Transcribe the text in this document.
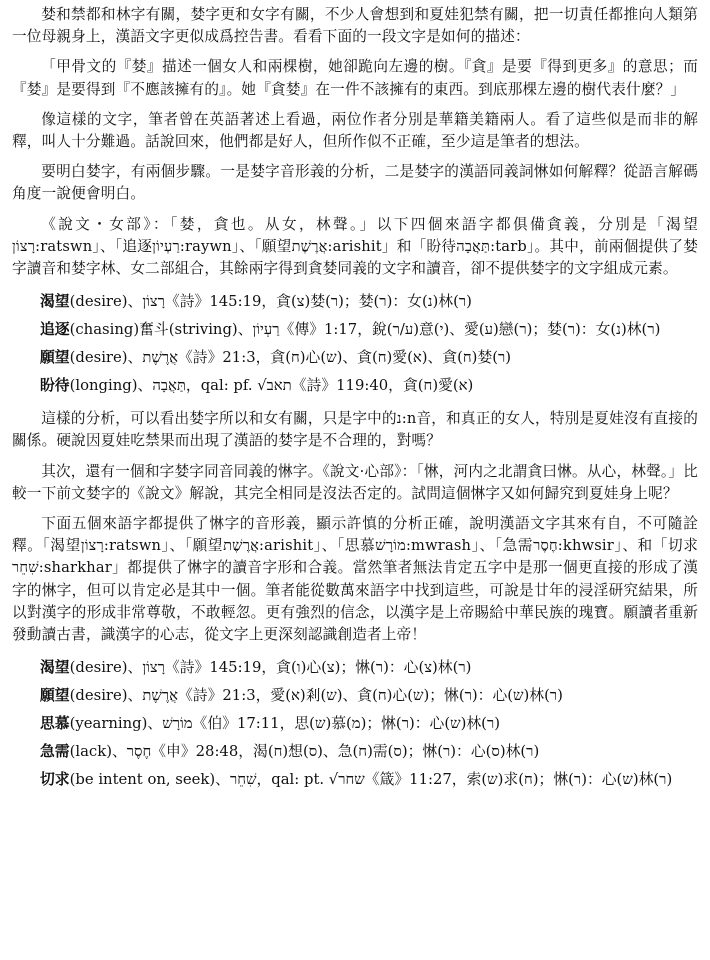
婪和禁都和林字有關，婪字更和女字有關，不少人會想到和夏娃犯禁有關，把一切責任都推向人類第一位母親身上，漢語文字更似成爲控告書。看看下面的一段文字是如何的描述：

「甲骨文的『婪』描述一個女人和兩棵樹，她卻跪向左邊的樹。『貪』是要『得到更多』的意思；而『婪』是要得到『不應該擁有的』。她『貪婪』在一件不該擁有的東西。到底那棵左邊的樹代表什麼？」

像這樣的文字，筆者曾在英語著述上看過，兩位作者分別是華籍美籍兩人。看了這些似是而非的解釋，叫人十分難過。話說回來，他們都是好人，但所作似不正確，至少這是筆者的想法。

要明白婪字，有兩個步驟。一是婪字音形義的分析，二是婪字的漢語同義詞惏如何解釋？從語言解碼角度一說便會明白。

《說文・女部》：「婪，貪也。从女，林聲。」以下四個來語字都俱備貪義，分別是「渴望רָצוֹן:ratswn」、「追逐רַעְיוֹן:raywn」、「願望אֲרֶשֶׁת:arishit」和「盼待תַּאֲבָה:tarb」。其中，前兩個提供了婪字讀音和婪字林、女二部組合，其餘兩字得到貪婪同義的文字和讀音，卻不提供婪字的文字組成元素。

渴望(desire)、רָצוֹן《詩》145:19，貪(צ)婪(ר)；婪(ר)：女(נ)林(ר)
追逐(chasing)奮斗(striving)、רַעְיוֹן《傳》1:17，銳(ע/ר)意(י)、愛(ע)戀(ר)；婪(ר)：女(נ)林(ר)
願望(desire)、אֲרֶשֶׁת《詩》21:3，貪(ח)心(ש)、貪(ח)愛(א)、貪(ח)婪(ר)
盼待(longing)、תַּאֲבָה，qal: pf. √תאב《詩》119:40，貪(ח)愛(א)

這樣的分析，可以看出婪字所以和女有關，只是字中的נ:n音，和真正的女人，特別是夏娃沒有直接的關係。硬說因夏娃吃禁果而出現了漢語的婪字是不合理的，對嗎？

其次，還有一個和字婪字同音同義的惏字。《說文·心部》：「惏，河内之北謂貪曰惏。从心，林聲。」比較一下前文婪字的《說文》解說，其完全相同是沒法否定的。試問這個惏字又如何歸究到夏娃身上呢？

下面五個來語字都提供了惏字的音形義，顯示許慎的分析正確，說明漢語文字其來有自，不可隨詮釋。「渴望רָצוֹן:ratswn」、「願望אֲרֶשֶׁת:arishit」、「思慕מוֹרָשׁ:mwrash」、「急需חֶסֶר:khwsir」、和「切求שִׁחֵר:sharkhar」都提供了惏字的讀音字形和合義。當然筆者無法肯定五字中是那一個更直接的形成了漢字的惏字，但可以肯定必是其中一個。筆者能從數萬來語字中找到這些，可說是廿年的浸淫研究結果，所以對漢字的形成非常尊敬，不敢輕忽。更有強烈的信念，以漢字是上帝賜給中華民族的瑰寶。願讀者重新發動讀古書，識漢字的心志，從文字上更深刻認識創造者上帝！

渴望(desire)、רָצוֹן《詩》145:19，貪(ו)心(צ)；惏(ר)：心(צ)林(ר)
願望(desire)、אֲרֶשֶׁת《詩》21:3，愛(א)剎(ש)、貪(ח)心(ש)；惏(ר)：心(ש)林(ר)
思慕(yearning)、מוֹרָשׁ《伯》17:11，思(ש)慕(מ)；惏(ר)：心(ש)林(ר)
急需(lack)、חֶסֶר《申》28:48，渴(ח)想(ס)、急(ח)需(ס)；惏(ר)：心(ס)林(ר)
切求(be intent on, seek)、שִׁחֵר，qal: pt. √שחר《箴》11:27，索(ש)求(ח)；惏(ר)：心(ש)林(ר)
